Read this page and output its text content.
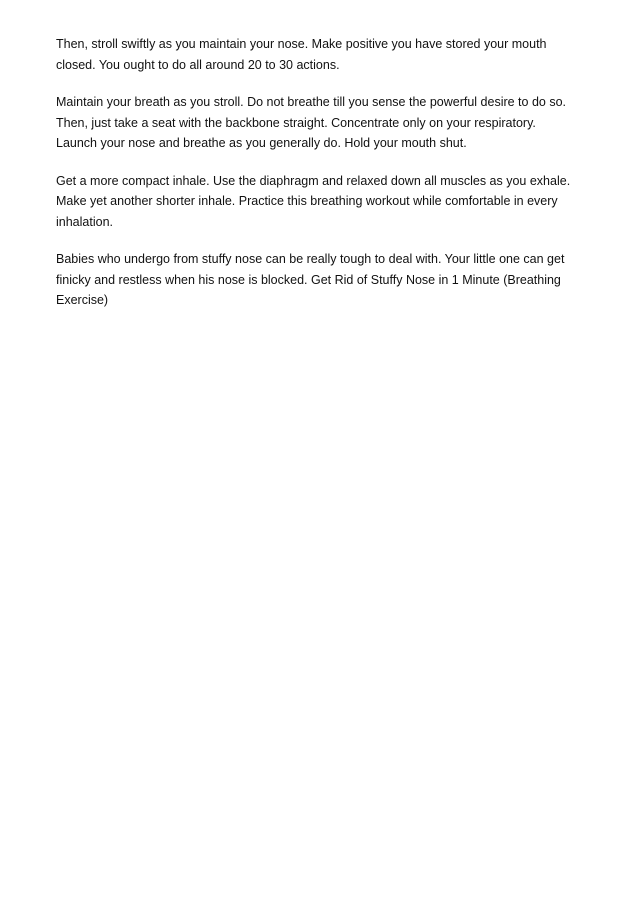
Then, stroll swiftly as you maintain your nose. Make positive you have stored your mouth
closed. You ought to do all around 20 to 30 actions.

Maintain your breath as you stroll. Do not breathe till you sense the powerful desire to do so.
Then, just take a seat with the backbone straight. Concentrate only on your respiratory.
Launch your nose and breathe as you generally do. Hold your mouth shut.

Get a more compact inhale. Use the diaphragm and relaxed down all muscles as you exhale.
Make yet another shorter inhale. Practice this breathing workout while comfortable in every
inhalation.

Babies who undergo from stuffy nose can be really tough to deal with. Your little one can get
finicky and restless when his nose is blocked. Get Rid of Stuffy Nose in 1 Minute (Breathing
Exercise)
